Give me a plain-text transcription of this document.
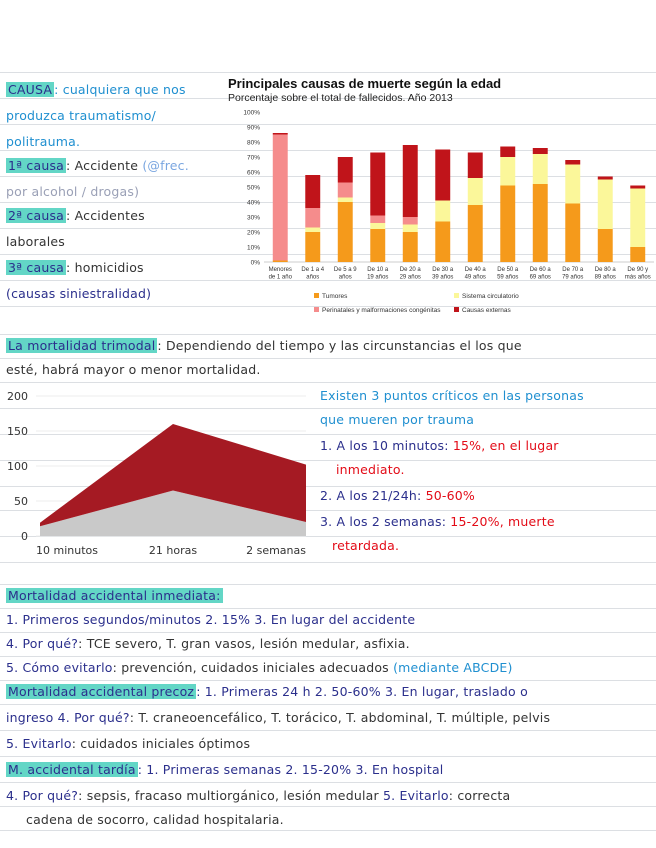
CAUSA : cualquiera que nos
produzca traumatismo/
politrauma.
1ª causa : Accidente (@frec.
por alcohol / drogas)
2ª causa : Accidentes
laborales
3ª causa : homicidios
(causas siniestralidad)
Principales causas de muerte según la edad
Porcentaje sobre el total de fallecidos. Año 2013
0%
10%
20%
30%
40%
50%
60%
70%
80%
90%
100%
Menores
de 1 año
De 1 a 4
años
De 5 a 9
años
De 10 a
19 años
De 20 a
29 años
De 30 a
39 años
De 40 a
49 años
De 50 a
59 años
De 60 a
69 años
De 70 a
79 años
De 80 a
89 años
De 90 y
más años
Tumores	Sistema circulatorio
Perinatales y malformaciones congénitas	Causas externas
La mortalidad trimodal : Dependiendo del tiempo y las circunstancias el los que
esté, habrá mayor o menor mortalidad.
0
50
100
150
200
10 minutos	21 horas	2 semanas
Existen 3 puntos críticos en las personas
que mueren por trauma
1. A los 10 minutos: 15%, en el lugar
inmediato.
2. A los 21/24h: 50-60%
3. A los 2 semanas: 15-20%, muerte
retardada.
Mortalidad accidental inmediata:
1. Primeros segundos/minutos 2. 15% 3. En lugar del accidente
4. Por qué?: TCE severo, T. gran vasos, lesión medular, asfixia.
5. Cómo evitarlo: prevención, cuidados iniciales adecuados (mediante ABCDE)
Mortalidad accidental precoz : 1. Primeras 24 h 2. 50-60% 3. En lugar, traslado o
ingreso 4. Por qué?: T. craneoencefálico, T. torácico, T. abdominal, T. múltiple, pelvis
5. Evitarlo: cuidados iniciales óptimos
M. accidental tardía : 1. Primeras semanas 2. 15-20% 3. En hospital
4. Por qué?: sepsis, fracaso multiorgánico, lesión medular 5. Evitarlo: correcta
cadena de socorro, calidad hospitalaria.
